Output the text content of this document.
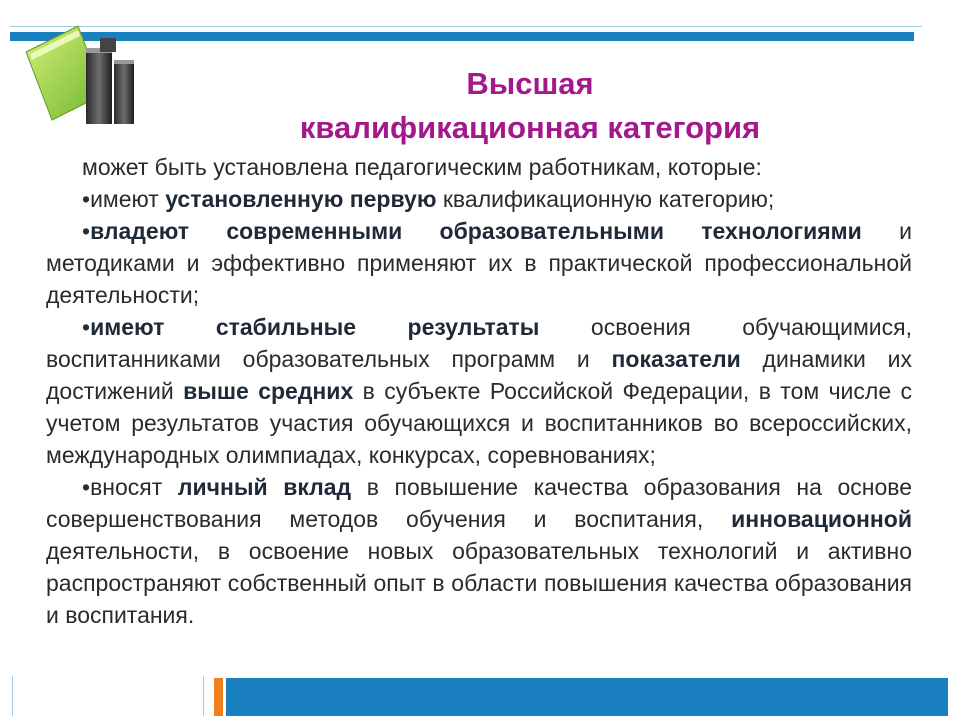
Высшая
квалификационная категория

может быть установлена педагогическим работникам, которые:

•имеют установленную первую квалификационную категорию;

•владеют современными образовательными технологиями и методиками и эффективно применяют их в практической профессиональной деятельности;

•имеют стабильные результаты освоения обучающимися, воспитанниками образовательных программ и показатели динамики их достижений выше средних в субъекте Российской Федерации, в том числе с учетом результатов участия обучающихся и воспитанников во всероссийских, международных олимпиадах, конкурсах, соревнованиях;

•вносят личный вклад в повышение качества образования на основе совершенствования методов обучения и воспитания, инновационной деятельности, в освоение новых образовательных технологий и активно распространяют собственный опыт в области повышения качества образования и воспитания.
